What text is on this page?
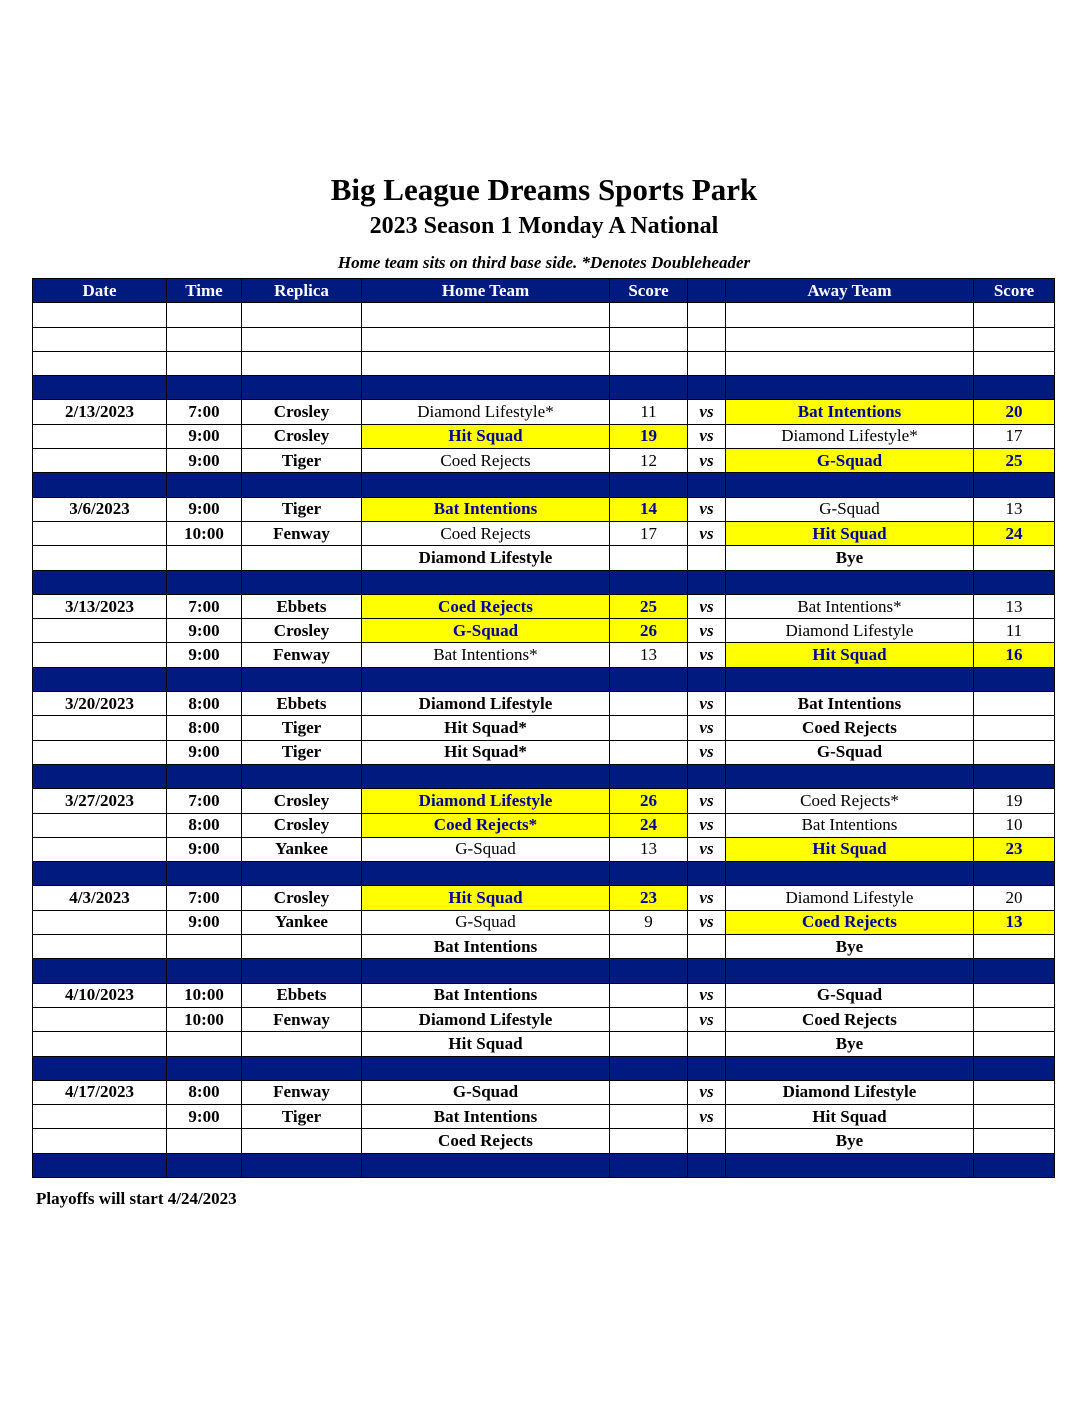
Big League Dreams Sports Park
2023 Season 1 Monday A National
Home team sits on third base side. *Denotes Doubleheader
Date	Time	Replica	Home Team	Score		Away Team	Score

2/13/2023	7:00	Crosley	Diamond Lifestyle*	11	vs	Bat Intentions	20
	9:00	Crosley	Hit Squad	19	vs	Diamond Lifestyle*	17
	9:00	Tiger	Coed Rejects	12	vs	G-Squad	25

3/6/2023	9:00	Tiger	Bat Intentions	14	vs	G-Squad	13
	10:00	Fenway	Coed Rejects	17	vs	Hit Squad	24
			Diamond Lifestyle			Bye	

3/13/2023	7:00	Ebbets	Coed Rejects	25	vs	Bat Intentions*	13
	9:00	Crosley	G-Squad	26	vs	Diamond Lifestyle	11
	9:00	Fenway	Bat Intentions*	13	vs	Hit Squad	16

3/20/2023	8:00	Ebbets	Diamond Lifestyle		vs	Bat Intentions	
	8:00	Tiger	Hit Squad*		vs	Coed Rejects	
	9:00	Tiger	Hit Squad*		vs	G-Squad	

3/27/2023	7:00	Crosley	Diamond Lifestyle	26	vs	Coed Rejects*	19
	8:00	Crosley	Coed Rejects*	24	vs	Bat Intentions	10
	9:00	Yankee	G-Squad	13	vs	Hit Squad	23

4/3/2023	7:00	Crosley	Hit Squad	23	vs	Diamond Lifestyle	20
	9:00	Yankee	G-Squad	9	vs	Coed Rejects	13
			Bat Intentions			Bye	

4/10/2023	10:00	Ebbets	Bat Intentions		vs	G-Squad	
	10:00	Fenway	Diamond Lifestyle		vs	Coed Rejects	
			Hit Squad			Bye	

4/17/2023	8:00	Fenway	G-Squad		vs	Diamond Lifestyle	
	9:00	Tiger	Bat Intentions		vs	Hit Squad	
			Coed Rejects			Bye	

Playoffs will start 4/24/2023
